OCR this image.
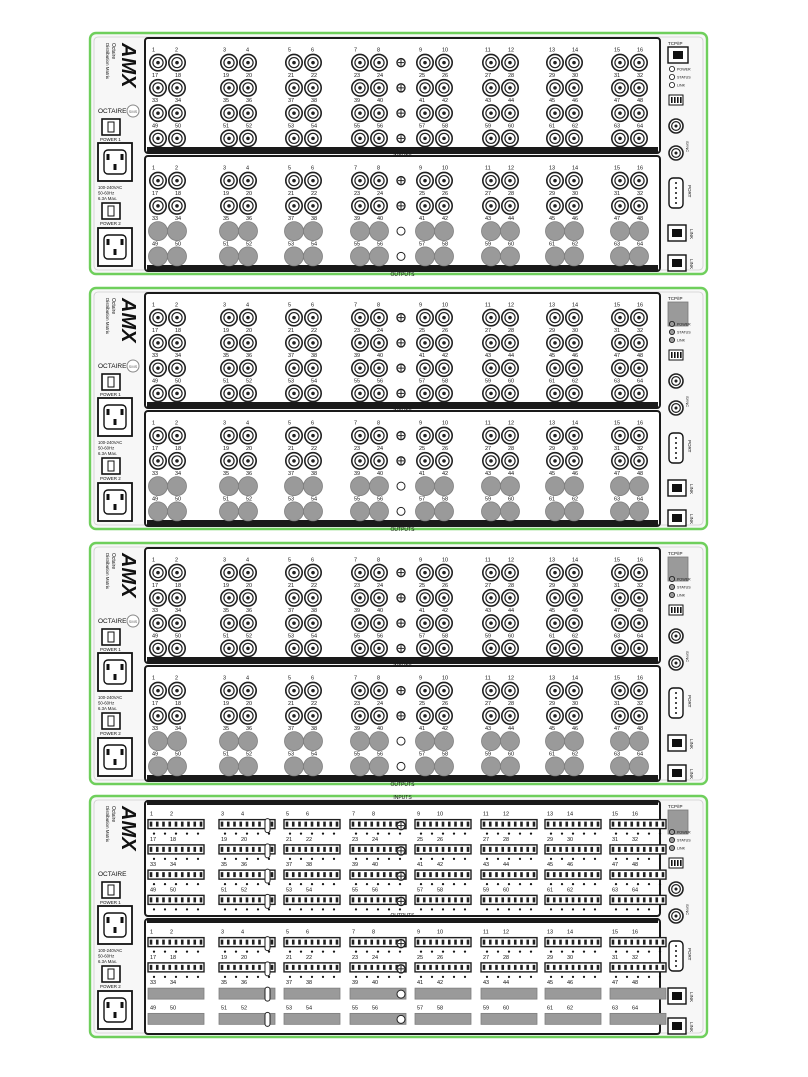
AMX
Octaire
Distribution Matrix
OCTAIRE SMS
POWER 1
100-240VAC
50-60Hz
6.3A Max.
POWER 2
1	2	3	4	5	6	7	8	9	10	11	12	13	14	15	16
17	18	19	20	21	22	23	24	25	26	27	28	29	30	31	32
33	34	35	36	37	38	39	40	41	42	43	44	45	46	47	48
49	50	51	52	53	54	55	56	57	58	59	60	61	62	63	64
OUTPUTS
1	2	3	4	5	6	7	8	9	10	11	12	13	14	15	16
17	18	19	20	21	22	23	24	25	26	27	28	29	30	31	32
33	34	35	36	37	38	39	40	41	42	43	44	45	46	47	48
49	50	51	52	53	54	55	56	57	58	59	60	61	62	63	64
TCP/IP
POWER
STATUS
LINK
SYNC
PORT
LINK
LINK
AMX
Octaire
Distribution Matrix
OCTAIRE SMS
POWER 1
100-240VAC
50-60Hz
6.3A Max.
POWER 2
1	2	3	4	5	6	7	8	9	10	11	12	13	14	15	16
17	18	19	20	21	22	23	24	25	26	27	28	29	30	31	32
33	34	35	36	37	38	39	40	41	42	43	44	45	46	47	48
49	50	51	52	53	54	55	56	57	58	59	60	61	62	63	64
OUTPUTS
1	2	3	4	5	6	7	8	9	10	11	12	13	14	15	16
17	18	19	20	21	22	23	24	25	26	27	28	29	30	31	32
33	34	35	36	37	38	39	40	41	42	43	44	45	46	47	48
49	50	51	52	53	54	55	56	57	58	59	60	61	62	63	64
TCP/IP
POWER
STATUS
LINK
SYNC
PORT
LINK
LINK
AMX
Octaire
Distribution Matrix
OCTAIRE SMS
POWER 1
100-240VAC
50-60Hz
6.3A Max.
POWER 2
1	2	3	4	5	6	7	8	9	10	11	12	13	14	15	16
17	18	19	20	21	22	23	24	25	26	27	28	29	30	31	32
33	34	35	36	37	38	39	40	41	42	43	44	45	46	47	48
49	50	51	52	53	54	55	56	57	58	59	60	61	62	63	64
OUTPUTS
1	2	3	4	5	6	7	8	9	10	11	12	13	14	15	16
17	18	19	20	21	22	23	24	25	26	27	28	29	30	31	32
33	34	35	36	37	38	39	40	41	42	43	44	45	46	47	48
49	50	51	52	53	54	55	56	57	58	59	60	61	62	63	64
TCP/IP
POWER
STATUS
LINK
SYNC
PORT
LINK
LINK
AMX
Octaire
Distribution Matrix
OCTAIRE
POWER 1
100-240VAC
50-60Hz
6.3A Max.
POWER 2
INPUTS
1	2	3	4	5	6	7	8	9	10	11	12	13	14	15	16
17	18	19	20	21	22	23	24	25	26	27	28	29	30	31	32
33	34	35	36	37	38	39	40	41	42	43	44	45	46	47	48
49	50	51	52	53	54	55	56	57	58	59	60	61	62	63	64
OUTPUTS
1	2	3	4	5	6	7	8	9	10	11	12	13	14	15	16
17	18	19	20	21	22	23	24	25	26	27	28	29	30	31	32
33	34	35	36	37	38	39	40	41	42	43	44	45	46	47	48
49	50	51	52	53	54	55	56	57	58	59	60	61	62	63	64
TCP/IP
POWER
STATUS
LINK
SYNC
PORT
LINK
LINK
